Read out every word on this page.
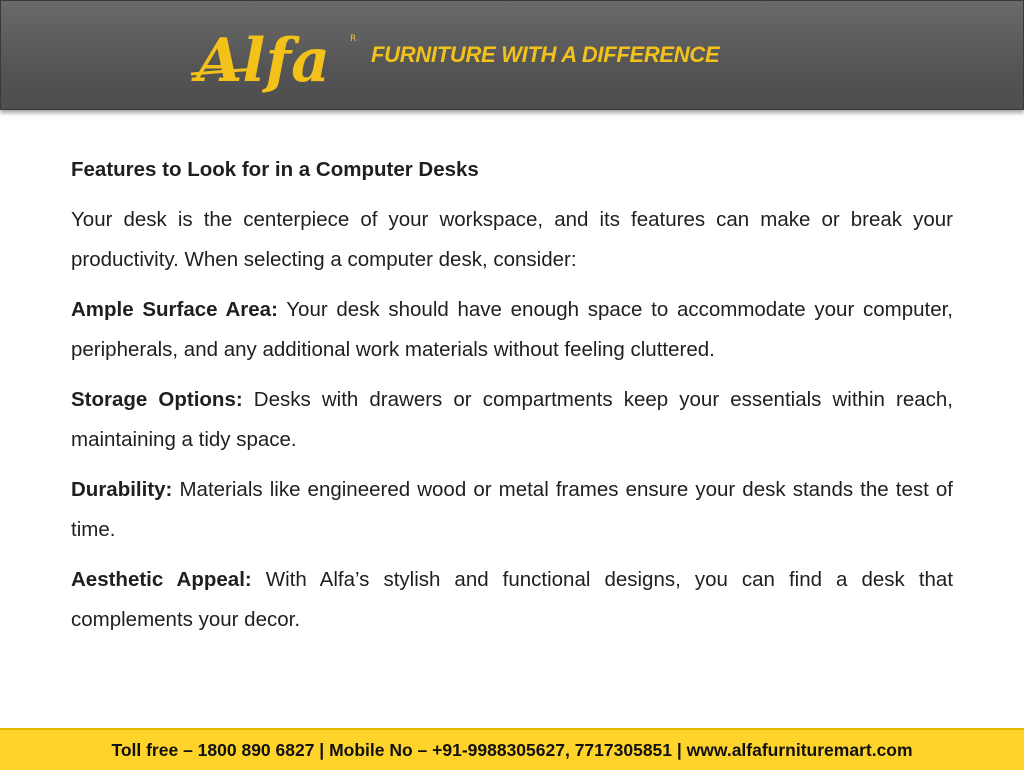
Alfa R
FURNITURE WITH A DIFFERENCE

Features to Look for in a Computer Desks

Your desk is the centerpiece of your workspace, and its features can make or break your productivity. When selecting a computer desk, consider:

Ample Surface Area: Your desk should have enough space to accommodate your computer, peripherals, and any additional work materials without feeling cluttered.

Storage Options: Desks with drawers or compartments keep your essentials within reach, maintaining a tidy space.

Durability: Materials like engineered wood or metal frames ensure your desk stands the test of time.

Aesthetic Appeal: With Alfa’s stylish and functional designs, you can find a desk that complements your decor.

Toll free – 1800 890 6827 | Mobile No – +91-9988305627, 7717305851 | www.alfafurnituremart.com
